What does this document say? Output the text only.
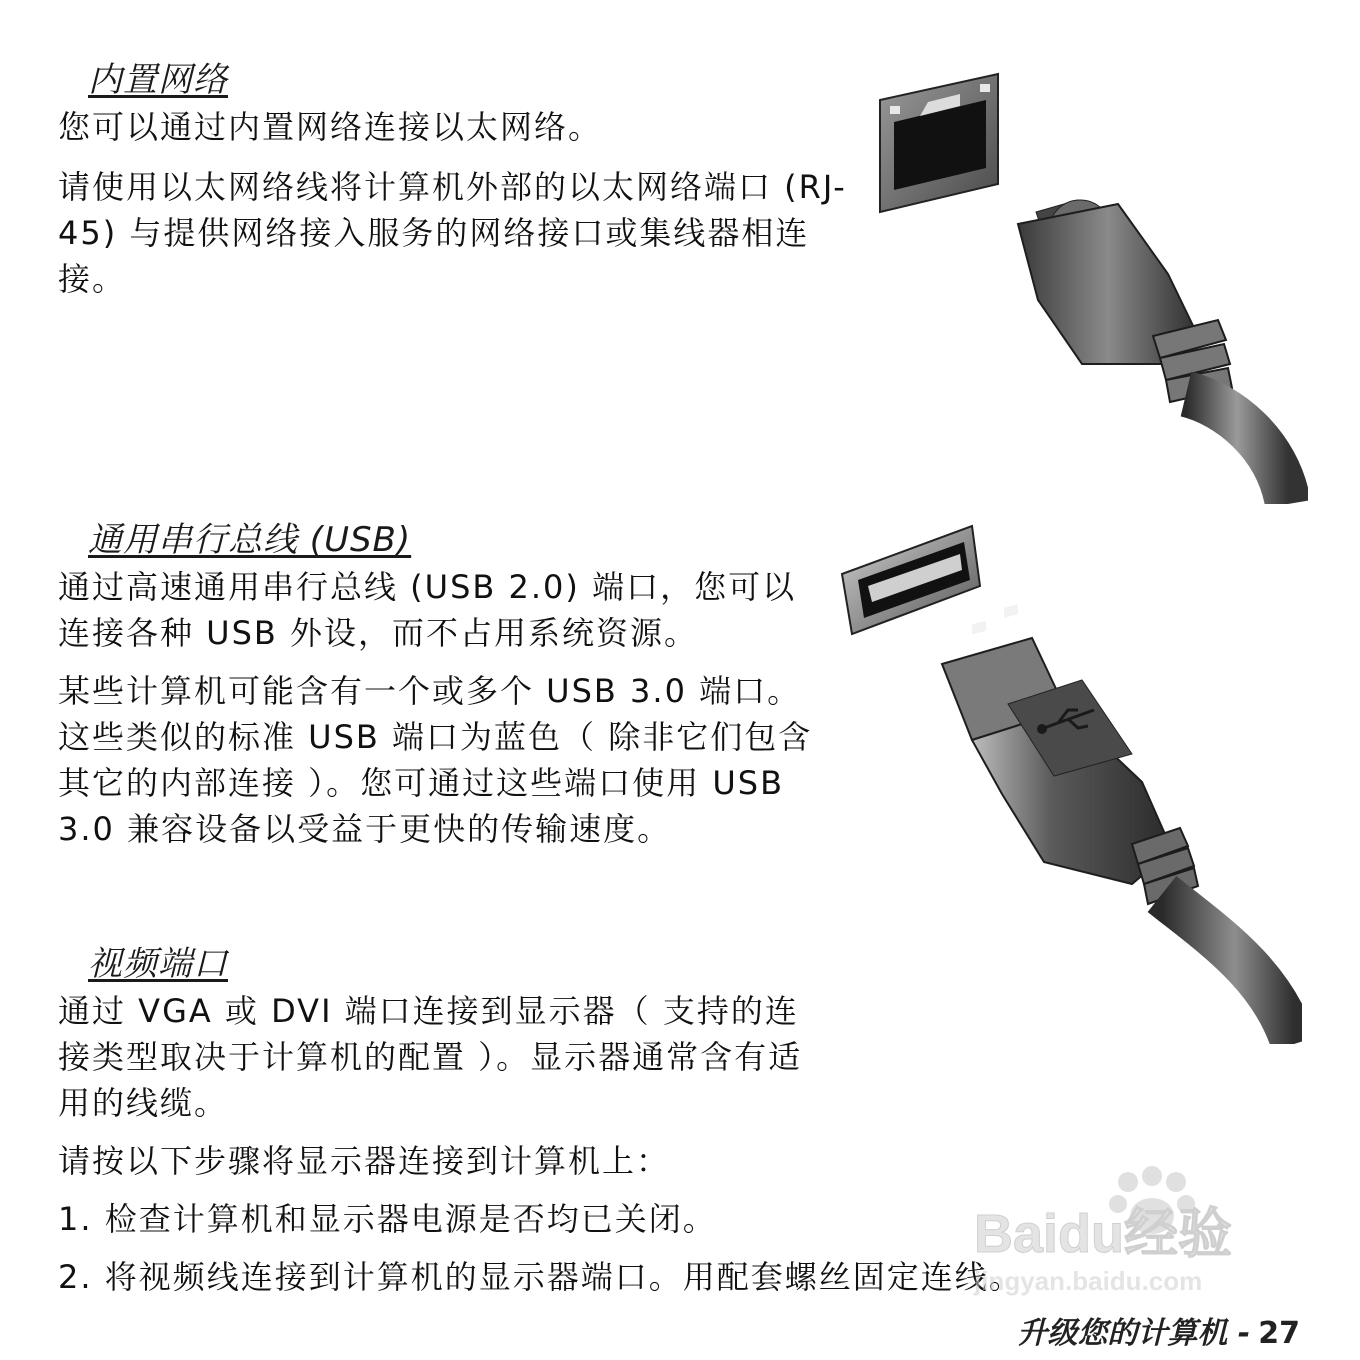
内置网络
您可以通过内置网络连接以太网络。
请使用以太网络线将计算机外部的以太网络端口 (RJ-45) 与提供网络接入服务的网络接口或集线器相连接。
通用串行总线 (USB)
通过高速通用串行总线 (USB 2.0) 端口，您可以连接各种 USB 外设，而不占用系统资源。
某些计算机可能含有一个或多个 USB 3.0 端口。这些类似的标准 USB 端口为蓝色（ 除非它们包含其它的内部连接 ）。您可通过这些端口使用 USB 3.0 兼容设备以受益于更快的传输速度。
视频端口
通过 VGA 或 DVI 端口连接到显示器（ 支持的连接类型取决于计算机的配置 ）。显示器通常含有适用的线缆。
请按以下步骤将显示器连接到计算机上：
1. 检查计算机和显示器电源是否均已关闭。
2. 将视频线连接到计算机的显示器端口。用配套螺丝固定连线。
Baidu经验
jingyan.baidu.com
升级您的计算机 - 27
